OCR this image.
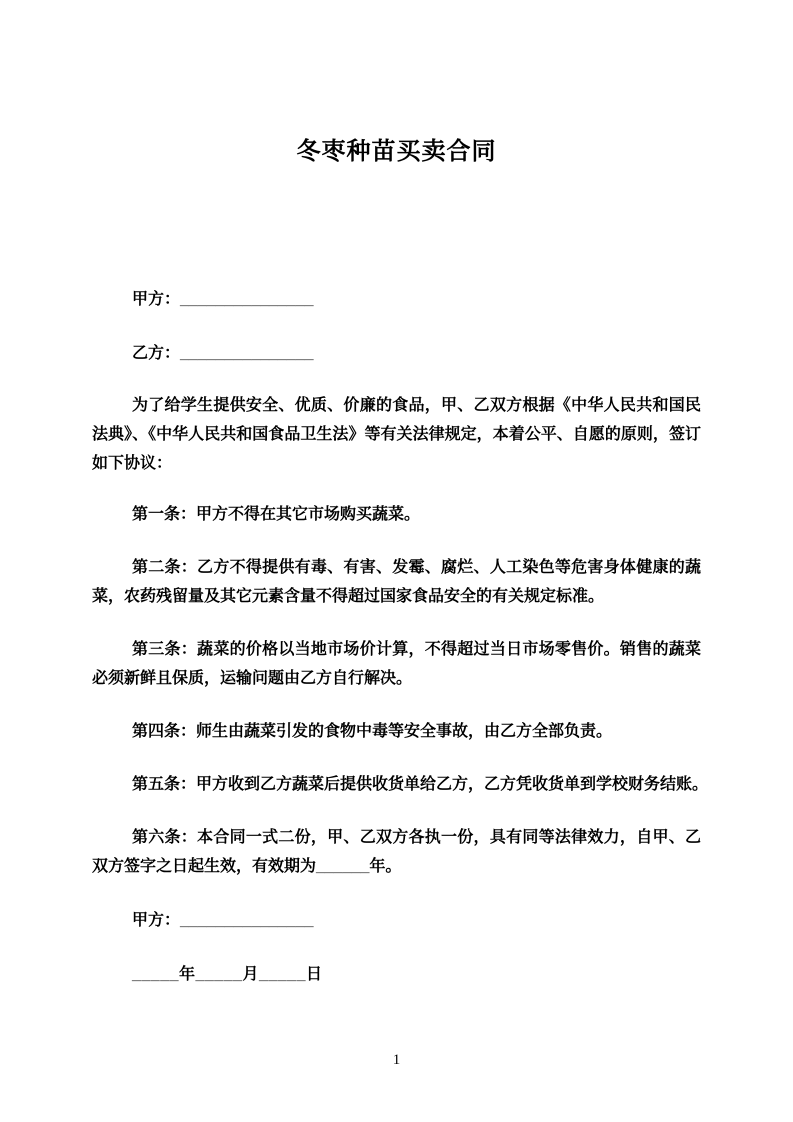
冬枣种苗买卖合同

甲方：_______________

乙方：_______________

为了给学生提供安全、优质、价廉的食品，甲、乙双方根据《中华人民共和国民法典》、《中华人民共和国食品卫生法》等有关法律规定，本着公平、自愿的原则，签订如下协议：

第一条：甲方不得在其它市场购买蔬菜。

第二条：乙方不得提供有毒、有害、发霉、腐烂、人工染色等危害身体健康的蔬菜，农药残留量及其它元素含量不得超过国家食品安全的有关规定标准。

第三条：蔬菜的价格以当地市场价计算，不得超过当日市场零售价。销售的蔬菜必须新鲜且保质，运输问题由乙方自行解决。

第四条：师生由蔬菜引发的食物中毒等安全事故，由乙方全部负责。

第五条：甲方收到乙方蔬菜后提供收货单给乙方，乙方凭收货单到学校财务结账。

第六条：本合同一式二份，甲、乙双方各执一份，具有同等法律效力，自甲、乙双方签字之日起生效，有效期为______年。

甲方：_______________

_____年_____月_____日

1
